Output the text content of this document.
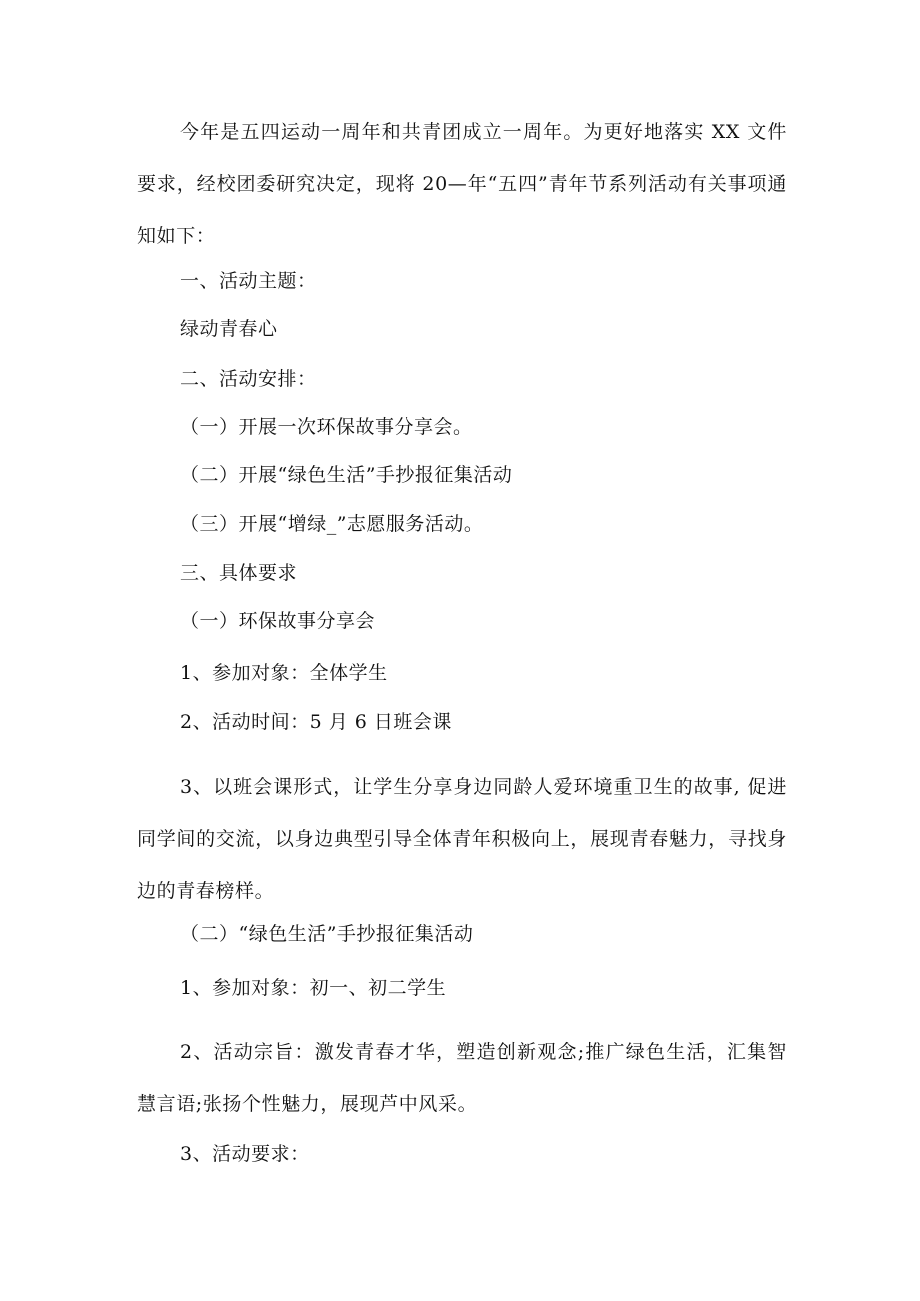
今年是五四运动一周年和共青团成立一周年。为更好地落实 XX 文件要求，经校团委研究决定，现将 20—年“五四”青年节系列活动有关事项通知如下：
一、活动主题：
绿动青春心
二、活动安排：
（一）开展一次环保故事分享会。
（二）开展“绿色生活”手抄报征集活动
（三）开展“增绿_”志愿服务活动。
三、具体要求
（一）环保故事分享会
1、参加对象：全体学生
2、活动时间：5 月 6 日班会课
3、以班会课形式，让学生分享身边同龄人爱环境重卫生的故事, 促进同学间的交流，以身边典型引导全体青年积极向上，展现青春魅力，寻找身边的青春榜样。
（二）“绿色生活”手抄报征集活动
1、参加对象：初一、初二学生
2、活动宗旨：激发青春才华，塑造创新观念;推广绿色生活，汇集智慧言语;张扬个性魅力，展现芦中风采。
3、活动要求：
